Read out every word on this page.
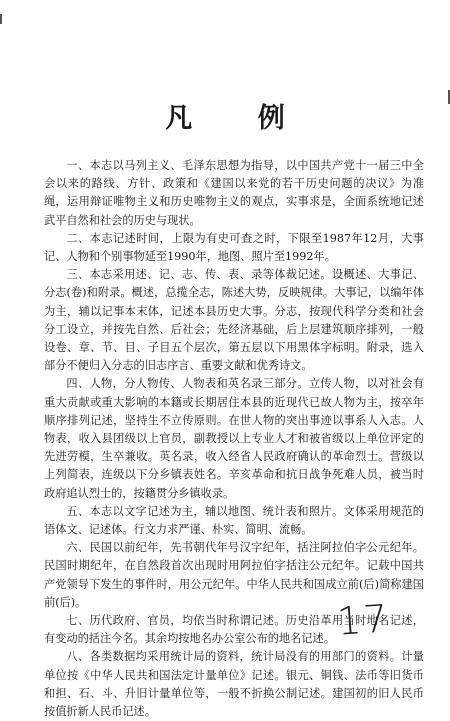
凡 例

一、本志以马列主义、毛泽东思想为指导，以中国共产党十一届三中全会以来的路线、方针、政策和《建国以来党的若干历史问题的决议》为准绳，运用辩证唯物主义和历史唯物主义的观点，实事求是，全面系统地记述武平自然和社会的历史与现状。

二、本志记述时间，上限为有史可查之时，下限至1987年12月，大事记、人物和个别事物延至1990年，地图、照片至1992年。

三、本志采用述、记、志、传、表、录等体裁记述。设概述、大事记、分志(卷)和附录。概述，总揽全志，陈述大势，反映规律。大事记，以编年体为主，辅以记事本末体，记述本县历史大事。分志，按现代科学分类和社会分工设立，并按先自然、后社会；先经济基础，后上层建筑顺序排列，一般设卷、章、节、目、子目五个层次，第五层以下用黑体字标明。附录，选入部分不便归入分志的旧志序言、重要文献和优秀诗文。

四、人物，分人物传、人物表和英名录三部分。立传人物，以对社会有重大贡献或重大影响的本籍或长期居住本县的近现代已故人物为主，按卒年顺序排列记述，坚持生不立传原则。在世人物的突出事迹以事系人入志。人物表，收入县团级以上官员，副教授以上专业人才和被省级以上单位评定的先进劳模，生卒兼收。英名录，收入经省人民政府确认的革命烈士。营级以上列简表，连级以下分乡镇表姓名。辛亥革命和抗日战争死难人员，被当时政府追认烈士的，按籍贯分乡镇收录。

五、本志以文字记述为主，辅以地图、统计表和照片。文体采用规范的语体文、记述体。行文力求严谨、朴实、简明、流畅。

六、民国以前纪年，先书朝代年号汉字纪年，括注阿拉伯字公元纪年。民国时期纪年，在自然段首次出现时用阿拉伯字括注公元纪年。记载中国共产党领导下发生的事件时，用公元纪年。中华人民共和国成立前(后)简称建国前(后)。

七、历代政府、官员，均依当时称谓记述。历史沿革用当时地名记述，有变动的括注今名。其余均按地名办公室公布的地名记述。

八、各类数据均采用统计局的资料，统计局没有的用部门的资料。计量单位按《中华人民共和国法定计量单位》记述。银元、铜钱、法币等旧货币和担、石、斗、升旧计量单位等，一般不折换公制记述。建国初的旧人民币按值折新人民币记述。

17
